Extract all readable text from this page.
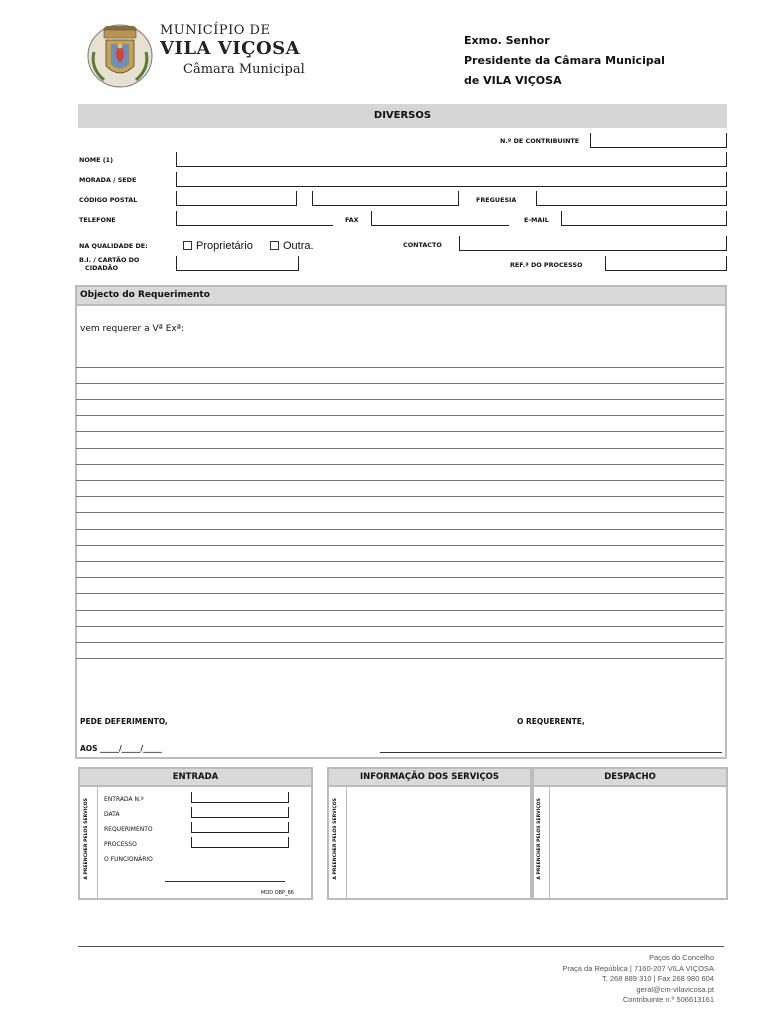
MUNICÍPIO DE
VILA VIÇOSA
Câmara Municipal
Exmo. Senhor
Presidente da Câmara Municipal
de VILA VIÇOSA
DIVERSOS
N.º DE CONTRIBUINTE
NOME (1)
MORADA / SEDE
CÓDIGO POSTAL	FREGUESIA
TELEFONE	FAX	E-MAIL
NA QUALIDADE DE:	Proprietário	Outra.	CONTACTO
B.I. / CARTÃO DO
CIDADÃO	REF.ª DO PROCESSO
Objecto do Requerimento
vem requerer a Vª Exª:
PEDE DEFERIMENTO,	O REQUERENTE,
AOS _____/_____/_____
ENTRADA
A PREENCHER PELOS SERVIÇOS	ENTRADA N.º
DATA
REQUERIMENTO
PROCESSO
O FUNCIONÁRIO
MOD OBP_86
INFORMAÇÃO DOS SERVIÇOS
A PREENCHER PELOS SERVIÇOS
DESPACHO
A PREENCHER PELOS SERVIÇOS
Paços do Concelho
Praça da República | 7160-207 VILA VIÇOSA
T. 268 889 310 | Fax 268 980 604
geral@cm-vilavicosa.pt
Contribuinte n.º 506613161
